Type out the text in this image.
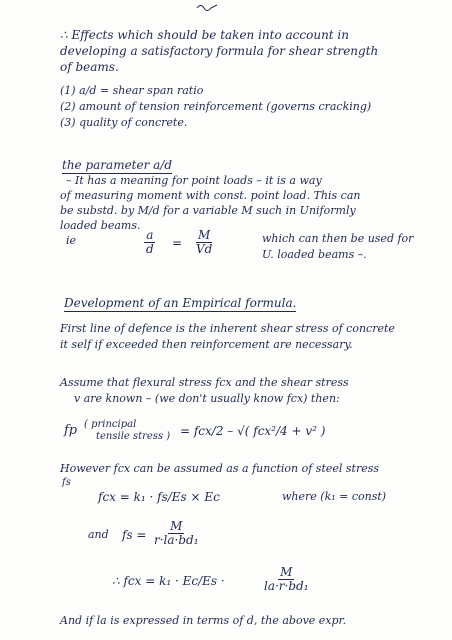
∴ Effects which should be taken into account in
developing a satisfactory formula for shear strength
of beams.
(1) a/d = shear span ratio
(2) amount of tension reinforcement (governs cracking)
(3) quality of concrete.
the parameter a/d
– It has a meaning for point loads – it is a way
of measuring moment with const. point load. This can
be substd. by M/d for a variable M such in Uniformly
loaded beams.
ie	$\frac{a}{d} = \frac{M}{Vd}$	which can then be used for
U. loaded beams –.
Development of an Empirical formula.
First line of defence is the inherent shear stress of concrete
it self if exceeded then reinforcement are necessary.
Assume that flexural stress fcx and the shear stress
v are known – (we don't usually know fcx) then:
fp ( principal
tensile stress ) = fcx/2 – √( fcx²/4 + v² )
However fcx can be assumed as a function of steel stress
fs
fcx = k₁ · fs/Es × Ec	where (k₁ = const)
and fs = $\frac{M}{\text{r·la·bd₁}}$
∴ fcx = k₁ · Ec/Es ·	$\frac{M}{\text{la·r·bd₁}}$
And if la is expressed in terms of d, the above expr.
